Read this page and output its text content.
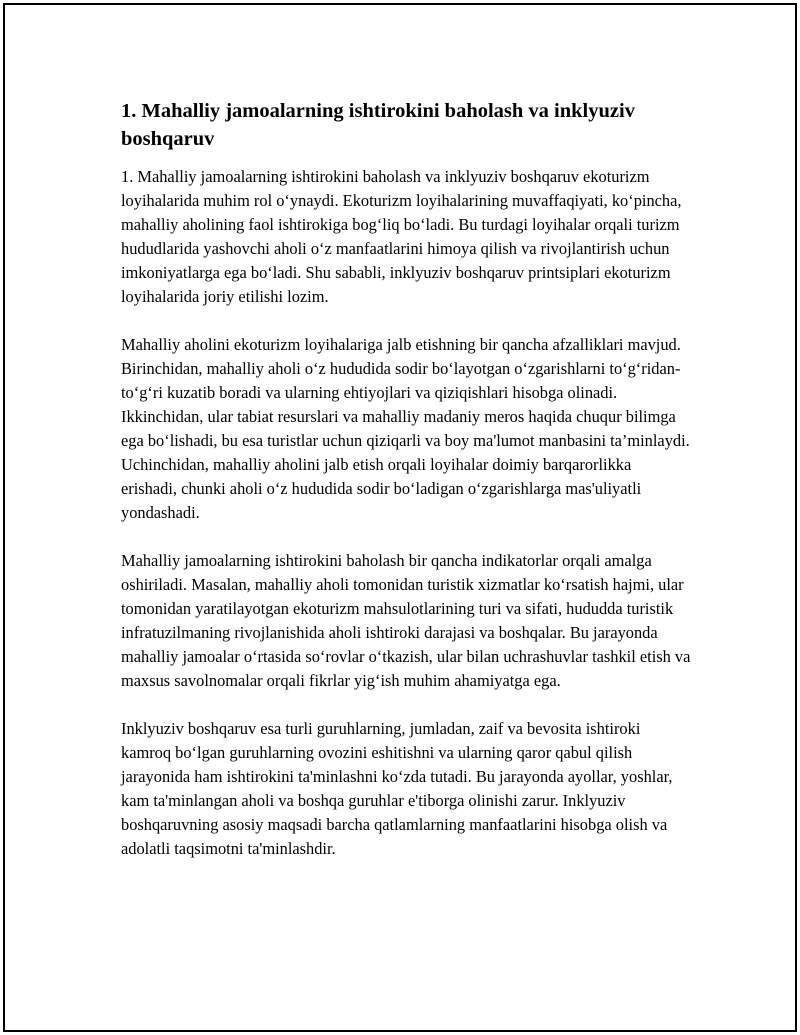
1. Mahalliy jamoalarning ishtirokini baholash va inklyuziv boshqaruv

1. Mahalliy jamoalarning ishtirokini baholash va inklyuziv boshqaruv ekoturizm loyihalarida muhim rol o‘ynaydi. Ekoturizm loyihalarining muvaffaqiyati, ko‘pincha, mahalliy aholining faol ishtirokiga bog‘liq bo‘ladi. Bu turdagi loyihalar orqali turizm hududlarida yashovchi aholi o‘z manfaatlarini himoya qilish va rivojlantirish uchun imkoniyatlarga ega bo‘ladi. Shu sababli, inklyuziv boshqaruv printsiplari ekoturizm loyihalarida joriy etilishi lozim.

Mahalliy aholini ekoturizm loyihalariga jalb etishning bir qancha afzalliklari mavjud. Birinchidan, mahalliy aholi o‘z hududida sodir bo‘layotgan o‘zgarishlarni to‘g‘ridan-to‘g‘ri kuzatib boradi va ularning ehtiyojlari va qiziqishlari hisobga olinadi. Ikkinchidan, ular tabiat resurslari va mahalliy madaniy meros haqida chuqur bilimga ega bo‘lishadi, bu esa turistlar uchun qiziqarli va boy ma'lumot manbasini ta’minlaydi. Uchinchidan, mahalliy aholini jalb etish orqali loyihalar doimiy barqarorlikka erishadi, chunki aholi o‘z hududida sodir bo‘ladigan o‘zgarishlarga mas'uliyatli yondashadi.

Mahalliy jamoalarning ishtirokini baholash bir qancha indikatorlar orqali amalga oshiriladi. Masalan, mahalliy aholi tomonidan turistik xizmatlar ko‘rsatish hajmi, ular tomonidan yaratilayotgan ekoturizm mahsulotlarining turi va sifati, hududda turistik infratuzilmaning rivojlanishida aholi ishtiroki darajasi va boshqalar. Bu jarayonda mahalliy jamoalar o‘rtasida so‘rovlar o‘tkazish, ular bilan uchrashuvlar tashkil etish va maxsus savolnomalar orqali fikrlar yig‘ish muhim ahamiyatga ega.

Inklyuziv boshqaruv esa turli guruhlarning, jumladan, zaif va bevosita ishtiroki kamroq bo‘lgan guruhlarning ovozini eshitishni va ularning qaror qabul qilish jarayonida ham ishtirokini ta'minlashni ko‘zda tutadi. Bu jarayonda ayollar, yoshlar, kam ta'minlangan aholi va boshqa guruhlar e'tiborga olinishi zarur. Inklyuziv boshqaruvning asosiy maqsadi barcha qatlamlarning manfaatlarini hisobga olish va adolatli taqsimotni ta'minlashdir.
